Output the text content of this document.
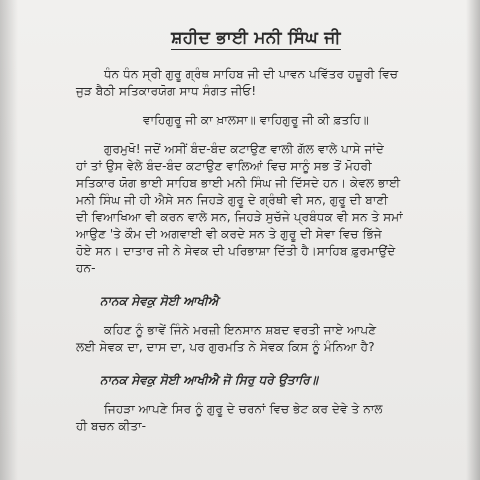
ਸ਼ਹੀਦ ਭਾਈ ਮਨੀ ਸਿੰਘ ਜੀ

ਧੰਨ ਧੰਨ ਸ੍ਰੀ ਗੁਰੂ ਗ੍ਰੰਥ ਸਾਹਿਬ ਜੀ ਦੀ ਪਾਵਨ ਪਵਿੱਤਰ ਹਜ਼ੂਰੀ ਵਿਚ
ਜੁੜ ਬੈਠੀ ਸਤਿਕਾਰਯੋਗ ਸਾਧ ਸੰਗਤ ਜੀਓ!

ਵਾਹਿਗੁਰੂ ਜੀ ਕਾ ਖ਼ਾਲਸਾ॥ ਵਾਹਿਗੁਰੂ ਜੀ ਕੀ ਫ਼ਤਹਿ॥

ਗੁਰਮੁਖੋ! ਜਦੋਂ ਅਸੀਂ ਬੰਦ-ਬੰਦ ਕਟਾਉਣ ਵਾਲੀ ਗੱਲ ਵਾਲੇ ਪਾਸੇ ਜਾਂਦੇ
ਹਾਂ ਤਾਂ ਉਸ ਵੇਲੇ ਬੰਦ-ਬੰਦ ਕਟਾਉਣ ਵਾਲਿਆਂ ਵਿਚ ਸਾਨੂੰ ਸਭ ਤੋਂ ਮੋਹਰੀ
ਸਤਿਕਾਰ ਯੋਗ ਭਾਈ ਸਾਹਿਬ ਭਾਈ ਮਨੀ ਸਿੰਘ ਜੀ ਦਿੱਸਦੇ ਹਨ। ਕੇਵਲ ਭਾਈ
ਮਨੀ ਸਿੰਘ ਜੀ ਹੀ ਐਸੇ ਸਨ ਜਿਹੜੇ ਗੁਰੂ ਦੇ ਗ੍ਰੰਥੀ ਵੀ ਸਨ, ਗੁਰੂ ਦੀ ਬਾਣੀ
ਦੀ ਵਿਆਖਿਆ ਵੀ ਕਰਨ ਵਾਲੇ ਸਨ, ਜਿਹੜੇ ਸੁਚੱਜੇ ਪ੍ਰਬੰਧਕ ਵੀ ਸਨ ਤੇ ਸਮਾਂ
ਆਉਣ 'ਤੇ ਕੌਮ ਦੀ ਅਗਵਾਈ ਵੀ ਕਰਦੇ ਸਨ ਤੇ ਗੁਰੂ ਦੀ ਸੇਵਾ ਵਿਚ ਭਿੱਜੇ
ਹੋਏ ਸਨ। ਦਾਤਾਰ ਜੀ ਨੇ ਸੇਵਕ ਦੀ ਪਰਿਭਾਸ਼ਾ ਦਿੱਤੀ ਹੈ।ਸਾਹਿਬ ਫ਼ੁਰਮਾਉਂਦੇ
ਹਨ-

ਨਾਨਕ ਸੇਵਕੁ ਸੋਈ ਆਖੀਐ

ਕਹਿਣ ਨੂੰ ਭਾਵੇਂ ਜਿੰਨੇ ਮਰਜ਼ੀ ਇਨਸਾਨ ਸ਼ਬਦ ਵਰਤੀ ਜਾਏ ਆਪਣੇ
ਲਈ ਸੇਵਕ ਦਾ, ਦਾਸ ਦਾ, ਪਰ ਗੁਰਮਤਿ ਨੇ ਸੇਵਕ ਕਿਸ ਨੂੰ ਮੰਨਿਆ ਹੈ?

ਨਾਨਕ ਸੇਵਕੁ ਸੋਈ ਆਖੀਐ ਜੋ ਸਿਰੁ ਧਰੇ ਉਤਾਰਿ॥

ਜਿਹੜਾ ਆਪਣੇ ਸਿਰ ਨੂੰ ਗੁਰੂ ਦੇ ਚਰਨਾਂ ਵਿਚ ਭੇਟ ਕਰ ਦੇਵੇ ਤੇ ਨਾਲ
ਹੀ ਬਚਨ ਕੀਤਾ-
